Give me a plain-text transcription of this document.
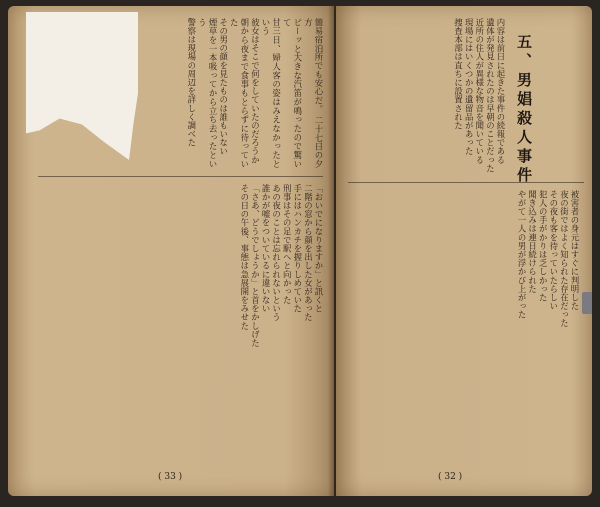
簡易宿泊所でも安心だ。 二十七日の夕方
ピーッと大きな汽笛が鳴ったので驚いて
甘三日、婦人客の姿はみえなかったという
彼女はそこで何をしていたのだろうか
朝から夜まで食事もとらずに待っていた
その男の顔を見たものは誰もいない
煙草を一本吸ってから立ち去ったという
警察は現場の周辺を詳しく調べた
「おいでになりますか」と訊くと
二階の窓から顔を出した女があった
手にはハンカチを握りしめていた
刑事はその足で駅へと向かった
あの夜のことは忘れられないという
誰かが嘘をついているに違いない
「さあ、どうでしょうか」と首をかしげた
その日の午後、事態は急展開をみせた
( 33 )
五、男娼殺人事件
内容は前日に起きた事件の続報である
遺体が発見されたのは早朝のことだった
近所の住人が異様な物音を聞いている
現場にはいくつかの遺留品があった
捜査本部は直ちに設置された
被害者の身元はすぐに判明した
夜の街ではよく知られた存在だった
その夜も客を待っていたらしい
犯人の手がかりは乏しかった
聞き込みは連日続けられた
やがて一人の男が浮かび上がった
( 32 )
